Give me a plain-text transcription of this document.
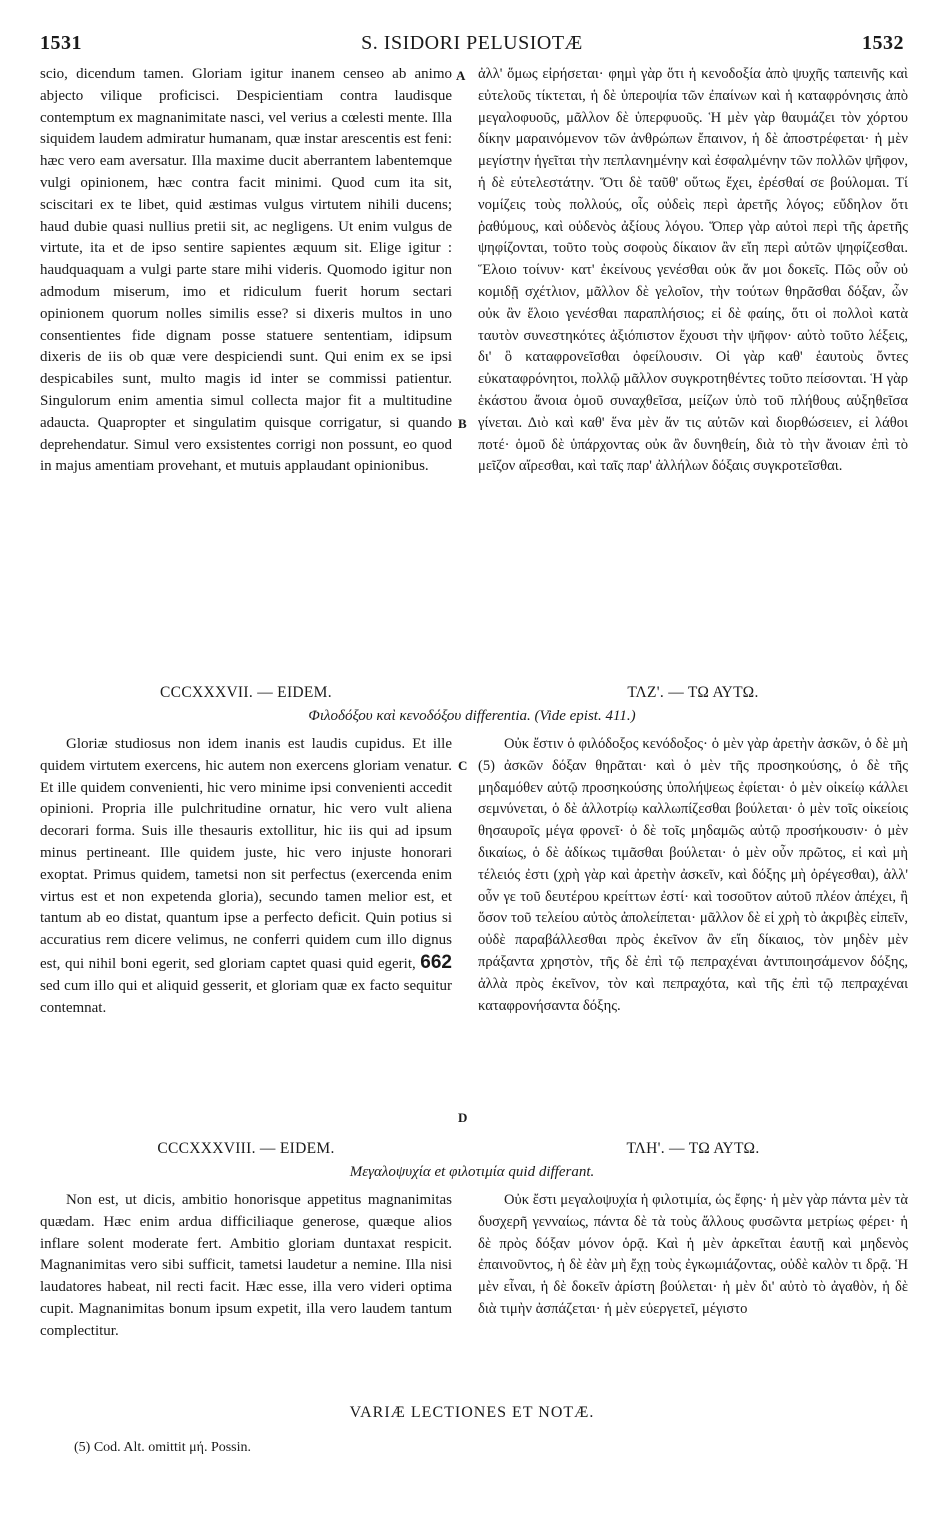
1531	S. ISIDORI PELUSIOTÆ	1532

scio, dicendum tamen. Gloriam igitur inanem censeo ab animo abjecto vilique proficisci. Despicientiam contra laudisque contemptum ex magnanimitate nasci, vel verius a cœlesti mente. Illa siquidem laudem admiratur humanam, quæ instar arescentis est feni: hæc vero eam aversatur. Illa maxime ducit aberrantem labentemque vulgi opinionem, hæc contra facit minimi. Quod cum ita sit, sciscitari ex te libet, quid æstimas vulgus virtutem nihili ducens; haud dubie quasi nullius pretii sit, ac negligens. Ut enim vulgus de virtute, ita et de ipso sentire sapientes æquum sit. Elige igitur : haudquaquam a vulgi parte stare mihi videris. Quomodo igitur non admodum miserum, imo et ridiculum fuerit horum sectari opinionem quorum nolles similis esse? si dixeris multos in uno consentientes fide dignam posse statuere sententiam, idipsum dixeris de iis ob quæ vere despiciendi sunt. Qui enim ex se ipsi despicabiles sunt, multo magis id inter se commissi patientur. Singulorum enim amentia simul collecta major fit a multitudine adaucta. Quapropter et singulatim quisque corrigatur, si quando deprehendatur. Simul vero exsistentes corrigi non possunt, eo quod in majus amentiam provehant, et mutuis applaudant opinionibus.

A ἀλλ' ὅμως εἰρήσεται· φημὶ γὰρ ὅτι ἡ κενοδοξία ἀπὸ ψυχῆς ταπεινῆς καὶ εὐτελοῦς τίκτεται, ἡ δὲ ὑπεροψία τῶν ἐπαίνων καὶ ἡ καταφρόνησις ἀπὸ μεγαλοφυοῦς, μᾶλλον δὲ ὑπερφυοῦς. Ἡ μὲν γὰρ θαυμάζει τὸν χόρτου δίκην μαραινόμενον τῶν ἀνθρώπων ἔπαινον, ἡ δὲ ἀποστρέφεται· ἡ μὲν μεγίστην ἡγεῖται τὴν πεπλανημένην καὶ ἐσφαλμένην τῶν πολλῶν ψῆφον, ἡ δὲ εὐτελεστάτην. Ὅτι δὲ ταῦθ' οὕτως ἔχει, ἐρέσθαί σε βούλομαι. Τί νομίζεις τοὺς πολλούς, οἷς οὐδεὶς περὶ ἀρετῆς λόγος; εὔδηλον ὅτι ῥαθύμους, καὶ οὐδενὸς ἀξίους λόγου. Ὅπερ γὰρ αὐτοὶ περὶ τῆς ἀρετῆς ψηφίζονται, τοῦτο τοὺς σοφοὺς δίκαιον ἂν εἴη περὶ αὐτῶν ψηφίζεσθαι. Ἕλοιο τοίνυν· κατ' ἐκείνους γενέσθαι οὐκ ἄν μοι δοκεῖς. Πῶς οὖν οὐ κομιδῇ σχέτλιον, μᾶλλον δὲ γελοῖον, τὴν τούτων θηρᾶσθαι δόξαν, ὧν οὐκ ἂν ἕλοιο γενέσθαι παραπλήσιος; εἰ δὲ φαίης, ὅτι οἱ πολλοὶ κατὰ ταυτὸν συνεστηκότες ἀξιόπιστον ἔχουσι τὴν ψῆφον· αὐτὸ τοῦτο λέξεις, δι' ὃ καταφρονεῖσθαι ὀφείλουσιν. Οἱ γὰρ καθ' ἑαυτοὺς ὄντες εὐκαταφρόνητοι, πολλῷ μᾶλλον συγκροτηθέντες τοῦτο πείσονται. Ἡ γὰρ ἑκάστου ἄνοια ὁμοῦ συναχθεῖσα, μείζων ὑπὸ τοῦ πλήθους αὐξηθεῖσα γίνεται. Διὸ καὶ καθ' ἕνα μὲν ἄν τις αὐτῶν καὶ διορθώσειεν, εἰ λάθοι ποτέ· ὁμοῦ δὲ ὑπάρχοντας οὐκ ἂν δυνηθείη, διὰ τὸ τὴν ἄνοιαν ἐπὶ τὸ μεῖζον αἴρεσθαι, καὶ ταῖς παρ' ἀλλήλων δόξαις συγκροτεῖσθαι.

B
CCCXXXVII. — EIDEM.	ΤΛΖ'. — ΤΩ ΑΥΤΩ.
Φιλοδόξου καὶ κενοδόξου differentia. (Vide epist. 411.)

Gloriæ studiosus non idem inanis est laudis cupidus. Et ille quidem virtutem exercens, hic autem non exercens gloriam venatur. Et ille quidem convenienti, hic vero minime ipsi convenienti accedit opinioni. Propria ille pulchritudine ornatur, hic vero vult aliena decorari forma. Suis ille thesauris extollitur, hic iis qui ad ipsum minus pertineant. Ille quidem juste, hic vero injuste honorari exoptat. Primus quidem, tametsi non sit perfectus (exercenda enim virtus est et non expetenda gloria), secundo tamen melior est, et tantum ab eo distat, quantum ipse a perfecto deficit. Quin potius si accuratius rem dicere velimus, ne conferri quidem cum illo dignus est, qui nihil boni egerit, sed gloriam captet quasi quid egerit, 662 sed cum illo qui et aliquid gesserit, et gloriam quæ ex facto sequitur contemnat.

C

Οὐκ ἔστιν ὁ φιλόδοξος κενόδοξος· ὁ μὲν γὰρ ἀρετὴν ἀσκῶν, ὁ δὲ μὴ (5) ἀσκῶν δόξαν θηρᾶται· καὶ ὁ μὲν τῆς προσηκούσης, ὁ δὲ τῆς μηδαμόθεν αὐτῷ προσηκούσης ὑπολήψεως ἐφίεται· ὁ μὲν οἰκείῳ κάλλει σεμνύνεται, ὁ δὲ ἀλλοτρίῳ καλλωπίζεσθαι βούλεται· ὁ μὲν τοῖς οἰκείοις θησαυροῖς μέγα φρονεῖ· ὁ δὲ τοῖς μηδαμῶς αὐτῷ προσήκουσιν· ὁ μὲν δικαίως, ὁ δὲ ἀδίκως τιμᾶσθαι βούλεται· ὁ μὲν οὖν πρῶτος, εἰ καὶ μὴ τέλειός ἐστι (χρὴ γὰρ καὶ ἀρετὴν ἀσκεῖν, καὶ δόξης μὴ ὀρέγεσθαι), ἀλλ' οὖν γε τοῦ δευτέρου κρείττων ἐστί· καὶ τοσοῦτον αὐτοῦ πλέον ἀπέχει, ἢ ὅσον τοῦ τελείου αὐτὸς ἀπολείπεται· μᾶλλον δὲ εἰ χρὴ τὸ ἀκριβὲς εἰπεῖν, οὐδὲ παραβάλλεσθαι πρὸς ἐκεῖνον ἂν εἴη δίκαιος, τὸν μηδὲν μὲν πράξαντα χρηστὸν, τῆς δὲ ἐπὶ τῷ πεπραχέναι ἀντιποιησάμενον δόξης, ἀλλὰ πρὸς ἐκεῖνον, τὸν καὶ πεπραχότα, καὶ τῆς ἐπὶ τῷ πεπραχέναι καταφρονήσαντα δόξης.

D
CCCXXXVIII. — EIDEM.	ΤΛΗ'. — ΤΩ ΑΥΤΩ.
Μεγαλοψυχία et φιλοτιμία quid differant.

Non est, ut dicis, ambitio honorisque appetitus magnanimitas quædam. Hæc enim ardua difficiliaque generose, quæque alios inflare solent moderate fert. Ambitio gloriam duntaxat respicit. Magnanimitas vero sibi sufficit, tametsi laudetur a nemine. Illa nisi laudatores habeat, nil recti facit. Hæc esse, illa vero videri optima cupit. Magnanimitas bonum ipsum expetit, illa vero laudem tantum complectitur.

Οὐκ ἔστι μεγαλοψυχία ἡ φιλοτιμία, ὡς ἔφης· ἡ μὲν γὰρ πάντα μὲν τὰ δυσχερῆ γενναίως, πάντα δὲ τὰ τοὺς ἄλλους φυσῶντα μετρίως φέρει· ἡ δὲ πρὸς δόξαν μόνον ὁρᾷ. Καὶ ἡ μὲν ἀρκεῖται ἑαυτῇ καὶ μηδενὸς ἐπαινοῦντος, ἡ δὲ ἐὰν μὴ ἔχῃ τοὺς ἐγκωμιάζοντας, οὐδὲ καλὸν τι δρᾷ. Ἡ μὲν εἶναι, ἡ δὲ δοκεῖν ἀρίστη βούλεται· ἡ μὲν δι' αὐτὸ τὸ ἀγαθὸν, ἡ δὲ διὰ τιμὴν ἀσπάζεται· ἡ μὲν εὐεργετεῖ, μέγιστο

VARIÆ LECTIONES ET NOTÆ.
(5) Cod. Alt. omittit μή. Possin.
